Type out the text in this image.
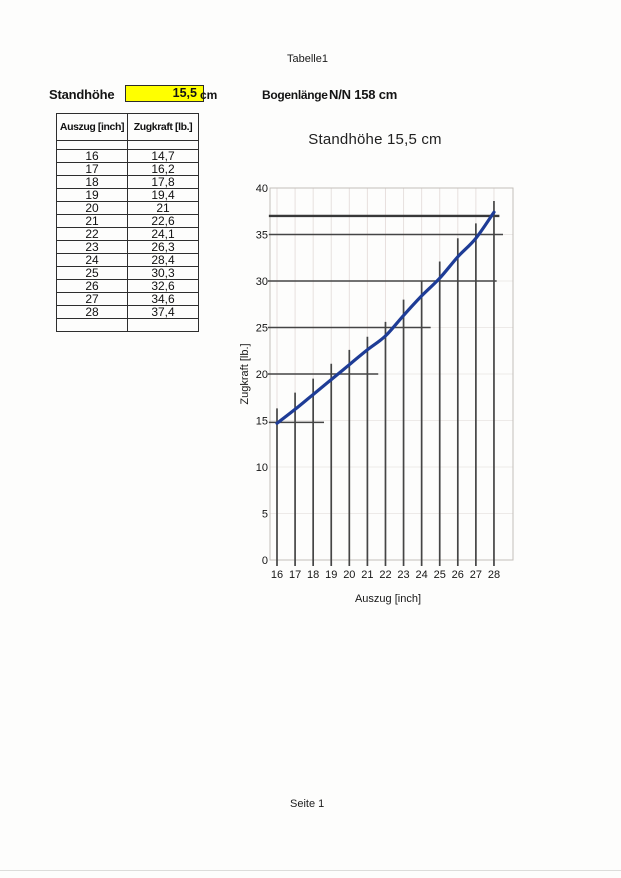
Tabelle1
Standhöhe	15,5 cm	Bogenlänge N/N 158 cm
Auszug [inch]	Zugkraft [lb.]

16	14,7
17	16,2
18	17,8
19	19,4
20	21
21	22,6
22	24,1
23	26,3
24	28,4
25	30,3
26	32,6
27	34,6
28	37,4

Standhöhe 15,5 cm
0
5
10
15
20
25
30
35
40
16 17 18 19 20 21 22 23 24 25 26 27 28
Zugkraft [lb.]
Auszug [inch]
Seite 1
